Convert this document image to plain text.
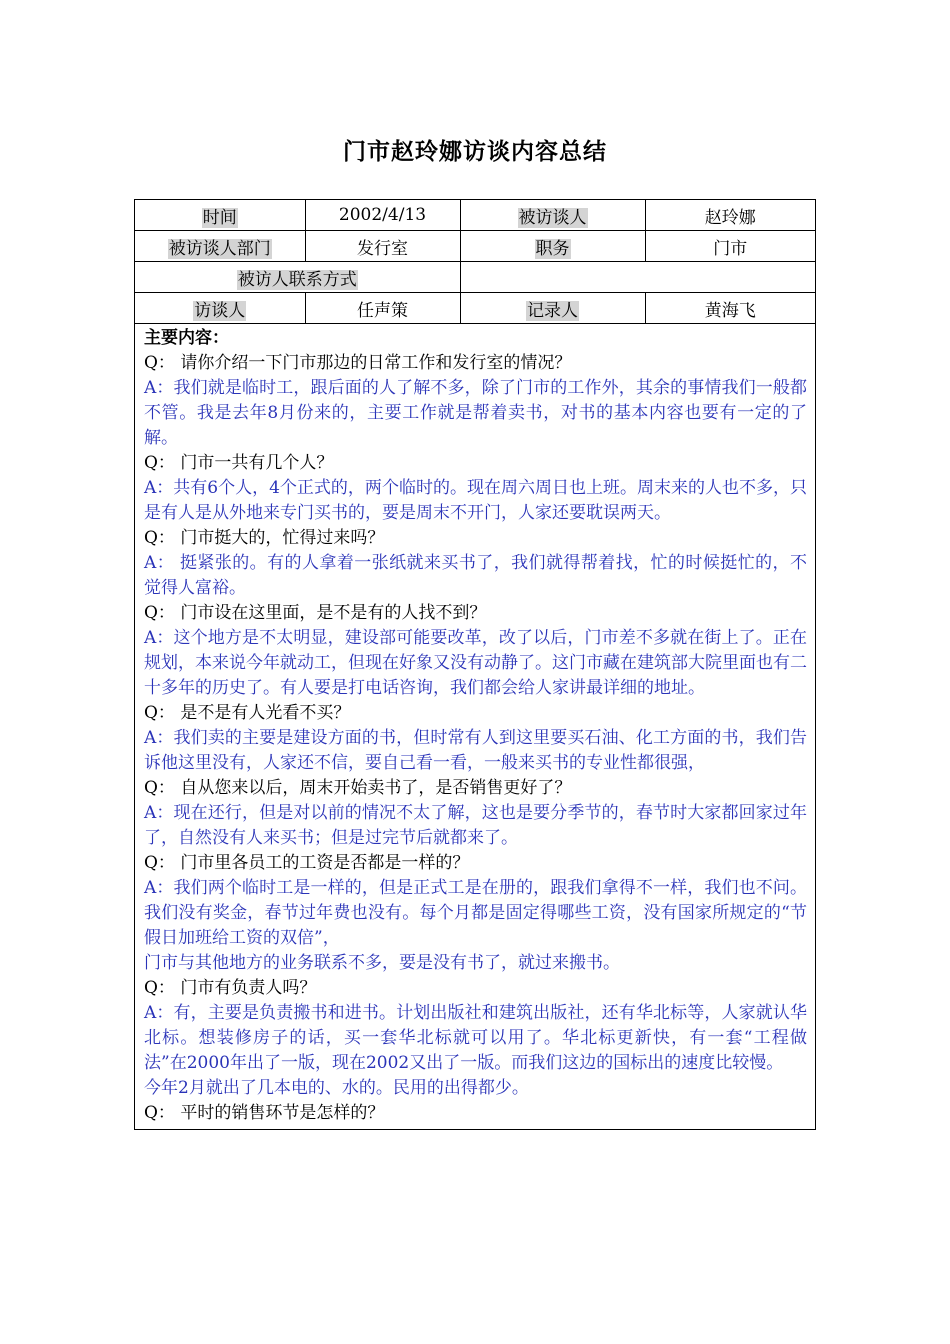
门市赵玲娜访谈内容总结
时间	2002/4/13	被访谈人	赵玲娜
被访谈人部门	发行室	职务	门市
被访人联系方式			
访谈人	任声策	记录人	黄海飞

主要内容：

Q： 请你介绍一下门市那边的日常工作和发行室的情况？

A：我们就是临时工，跟后面的人了解不多，除了门市的工作外，其余的事情我们一般都不管。我是去年8月份来的，主要工作就是帮着卖书，对书的基本内容也要有一定的了解。

Q： 门市一共有几个人？

A：共有6个人，4个正式的，两个临时的。现在周六周日也上班。周末来的人也不多，只是有人是从外地来专门买书的，要是周末不开门，人家还要耽误两天。

Q： 门市挺大的，忙得过来吗？

A： 挺紧张的。有的人拿着一张纸就来买书了，我们就得帮着找，忙的时候挺忙的，不觉得人富裕。

Q： 门市设在这里面，是不是有的人找不到？

A：这个地方是不太明显，建设部可能要改革，改了以后，门市差不多就在街上了。正在规划，本来说今年就动工，但现在好象又没有动静了。这门市藏在建筑部大院里面也有二十多年的历史了。有人要是打电话咨询，我们都会给人家讲最详细的地址。

Q： 是不是有人光看不买？

A：我们卖的主要是建设方面的书，但时常有人到这里要买石油、化工方面的书，我们告诉他这里没有，人家还不信，要自己看一看，一般来买书的专业性都很强，

Q： 自从您来以后，周末开始卖书了，是否销售更好了？

A：现在还行，但是对以前的情况不太了解，这也是要分季节的，春节时大家都回家过年了，自然没有人来买书；但是过完节后就都来了。

Q： 门市里各员工的工资是否都是一样的？

A：我们两个临时工是一样的，但是正式工是在册的，跟我们拿得不一样，我们也不问。我们没有奖金，春节过年费也没有。每个月都是固定得哪些工资，没有国家所规定的“节假日加班给工资的双倍”，

门市与其他地方的业务联系不多，要是没有书了，就过来搬书。

Q： 门市有负责人吗？

A：有，主要是负责搬书和进书。计划出版社和建筑出版社，还有华北标等，人家就认华北标。想装修房子的话，买一套华北标就可以用了。华北标更新快，有一套“工程做法”在2000年出了一版，现在2002又出了一版。而我们这边的国标出的速度比较慢。

今年2月就出了几本电的、水的。民用的出得都少。

Q： 平时的销售环节是怎样的？
